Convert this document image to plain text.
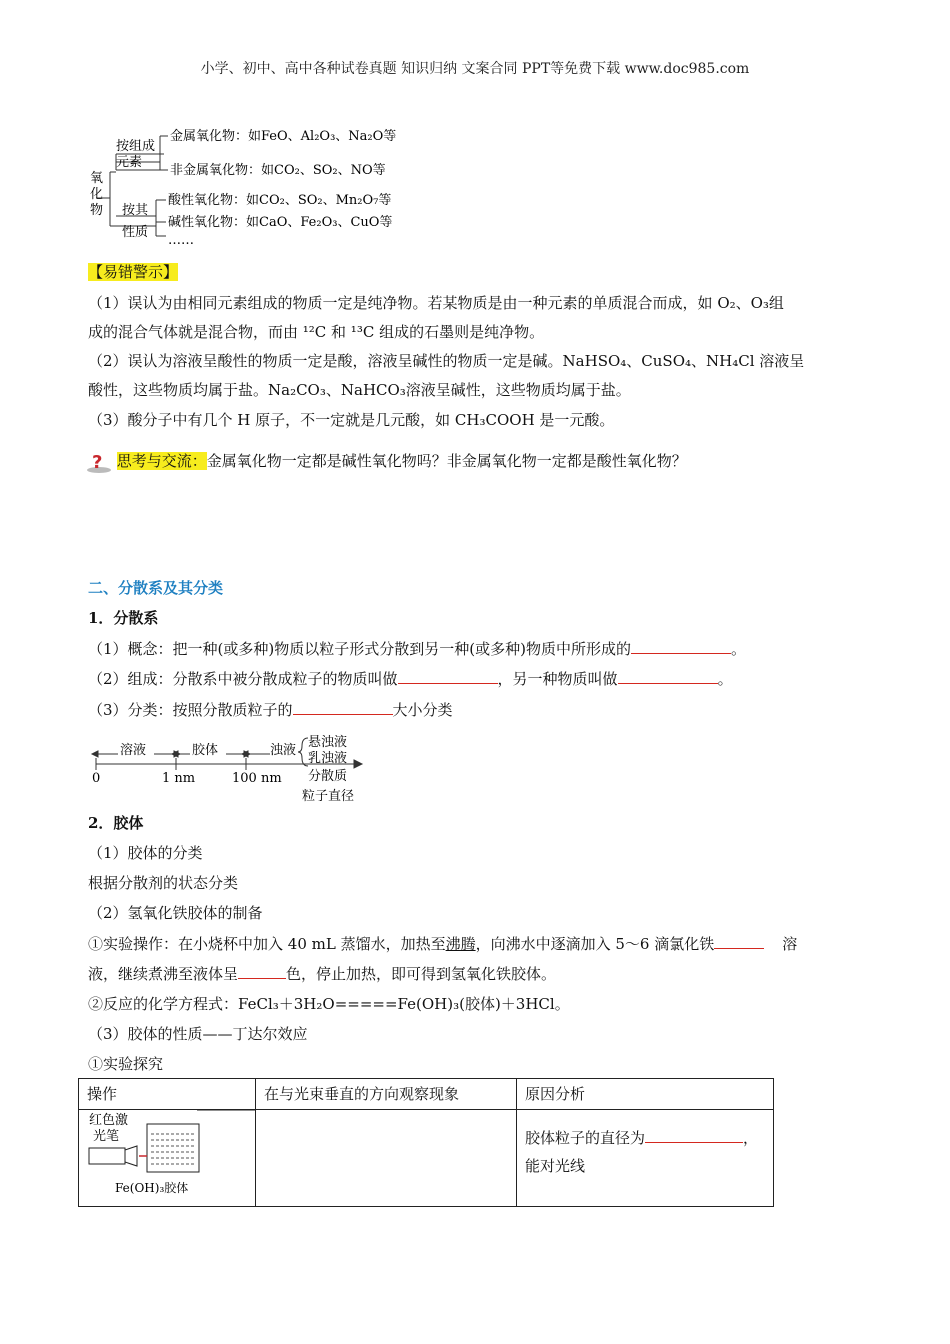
小学、初中、高中各种试卷真题 知识归纳 文案合同 PPT等免费下载 www.doc985.com
氧
化
物
按组成
元素
金属氧化物：如FeO、Al₂O₃、Na₂O等
非金属氧化物：如CO₂、SO₂、NO等
按其
性质
酸性氧化物：如CO₂、SO₂、Mn₂O₇等
碱性氧化物：如CaO、Fe₂O₃、CuO等
……
【易错警示】
（1）误认为由相同元素组成的物质一定是纯净物。若某物质是由一种元素的单质混合而成，如 O₂、O₃组
成的混合气体就是混合物，而由 ¹²C 和 ¹³C 组成的石墨则是纯净物。
（2）误认为溶液呈酸性的物质一定是酸，溶液呈碱性的物质一定是碱。NaHSO₄、CuSO₄、NH₄Cl 溶液呈
酸性，这些物质均属于盐。Na₂CO₃、NaHCO₃溶液呈碱性，这些物质均属于盐。
（3）酸分子中有几个 H 原子，不一定就是几元酸，如 CH₃COOH 是一元酸。
? 思考与交流：金属氧化物一定都是碱性氧化物吗？非金属氧化物一定都是酸性氧化物？
二、分散系及其分类
1．分散系
（1）概念：把一种(或多种)物质以粒子形式分散到另一种(或多种)物质中所形成的	。
（2）组成：分散系中被分散成粒子的物质叫做	，另一种物质叫做	。
（3）分类：按照分散质粒子的	大小分类
溶液	胶体	浊液
悬浊液
乳浊液
0	1 nm	100 nm 分散质
粒子直径
2．胶体
（1）胶体的分类
根据分散剂的状态分类
（2）氢氧化铁胶体的制备
①实验操作：在小烧杯中加入 40 mL 蒸馏水，加热至沸腾，向沸水中逐滴加入 5～6 滴氯化铁	溶
液，继续煮沸至液体呈	色，停止加热，即可得到氢氧化铁胶体。
②反应的化学方程式：FeCl₃＋3H₂O=====Fe(OH)₃(胶体)＋3HCl。
（3）胶体的性质——丁达尔效应
①实验探究
操作	在与光束垂直的方向观察现象	原因分析

红色激
光笔
Fe(OH)₃胶体		胶体粒子的直径为 ，
能对光线
